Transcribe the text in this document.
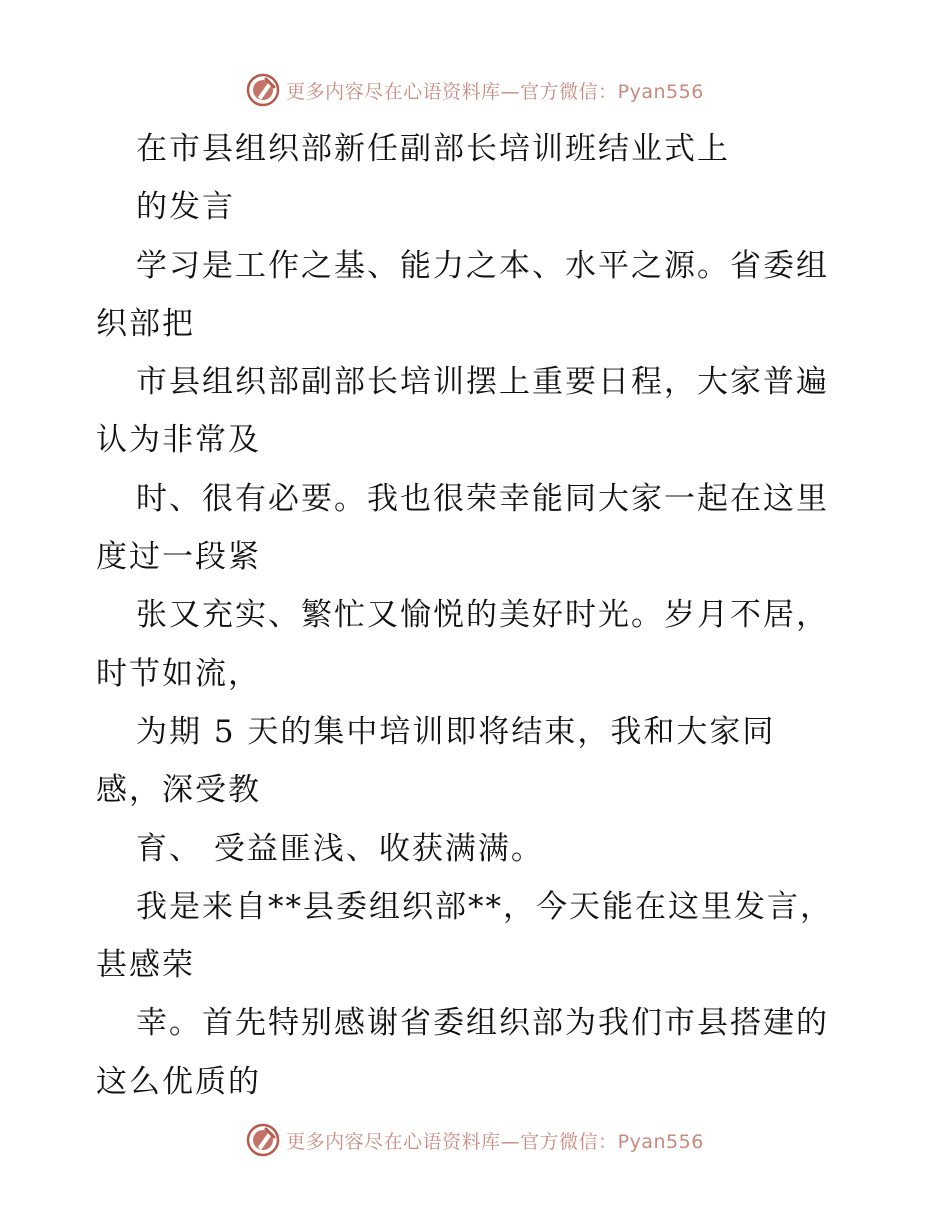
更多内容尽在心语资料库—官方微信：Pyan556
在市县组织部新任副部长培训班结业式上
的发言
学习是工作之基、能力之本、水平之源。省委组
织部把
市县组织部副部长培训摆上重要日程，大家普遍
认为非常及
时、很有必要。我也很荣幸能同大家一起在这里
度过一段紧
张又充实、繁忙又愉悦的美好时光。岁月不居，
时节如流，
为期 5 天的集中培训即将结束，我和大家同
感，深受教
育、 受益匪浅、收获满满。
我是来自**县委组织部**，今天能在这里发言，
甚感荣
幸。首先特别感谢省委组织部为我们市县搭建的
这么优质的
更多内容尽在心语资料库—官方微信：Pyan556
